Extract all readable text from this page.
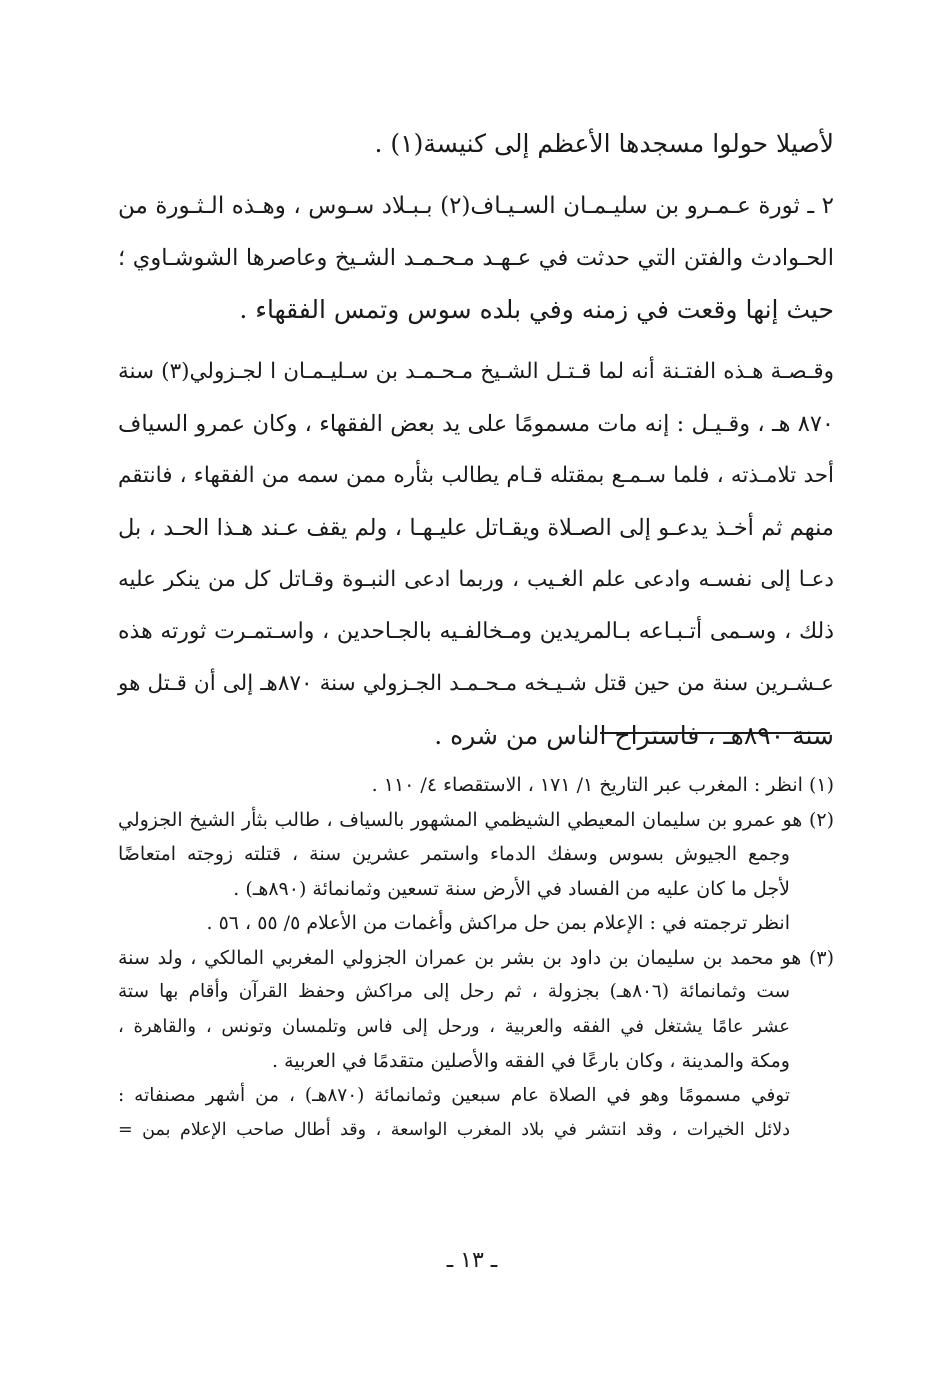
لأصيلا حولوا مسجدها الأعظم إلى كنيسة(١) .
٢ ـ ثورة عـمـرو بن سليـمـان السـيـاف(٢) بـبـلاد سـوس ، وهـذه الـثـورة من
الحـوادث والفتن التي حدثت في عـهـد مـحـمـد الشـيخ وعاصرها الشوشـاوي ؛
حيث إنها وقعت في زمنه وفي بلده سوس وتمس الفقهاء .
وقـصـة هـذه الفتـنة أنه لما قـتـل الشـيخ مـحـمـد بن سـليـمـان ا لجـزولي(٣) سنة
٨٧٠ هـ ، وقـيـل : إنه مات مسمومًا على يد بعض الفقهاء ، وكان عمرو السياف
أحد تلامـذته ، فلما سـمـع بمقتله قـام يطالب بثأره ممن سمه من الفقهاء ، فانتقم
منهم ثم أخـذ يدعـو إلى الصـلاة ويقـاتل عليـهـا ، ولم يقف عـند هـذا الحـد ، بل
دعـا إلى نفسـه وادعى علم الغـيب ، وربما ادعى النبـوة وقـاتل كل من ينكر عليه
ذلك ، وسـمى أتـبـاعه بـالمريدين ومـخالفـيه بالجـاحدين ، واسـتمـرت ثورته هذه
عـشـرين سنة من حين قتل شـيـخه مـحـمـد الجـزولي سنة ٨٧٠هـ إلى أن قـتل هو
سنة ٨٩٠هـ ، فاستراح الناس من شره .
(١) انظر : المغرب عبر التاريخ ١/ ١٧١ ، الاستقصاء ٤/ ١١٠ .
(٢) هو عمرو بن سليمان المعيطي الشيظمي المشهور بالسياف ، طالب بثأر الشيخ الجزولي
وجمع الجيوش بسوس وسفك الدماء واستمر عشرين سنة ، قتلته زوجته امتعاضًا
لأجل ما كان عليه من الفساد في الأرض سنة تسعين وثمانمائة (٨٩٠هـ) .
انظر ترجمته في : الإعلام بمن حل مراكش وأغمات من الأعلام ٥/ ٥٥ ، ٥٦ .
(٣) هو محمد بن سليمان بن داود بن بشر بن عمران الجزولي المغربي المالكي ، ولد سنة
ست وثمانمائة (٨٠٦هـ) بجزولة ، ثم رحل إلى مراكش وحفظ القرآن وأقام بها ستة
عشر عامًا يشتغل في الفقه والعربية ، ورحل إلى فاس وتلمسان وتونس ، والقاهرة ،
ومكة والمدينة ، وكان بارعًا في الفقه والأصلين متقدمًا في العربية .
توفي مسمومًا وهو في الصلاة عام سبعين وثمانمائة (٨٧٠هـ) ، من أشهر مصنفاته :
دلائل الخيرات ، وقد انتشر في بلاد المغرب الواسعة ، وقد أطال صاحب الإعلام بمن =
ـ ١٣ ـ
